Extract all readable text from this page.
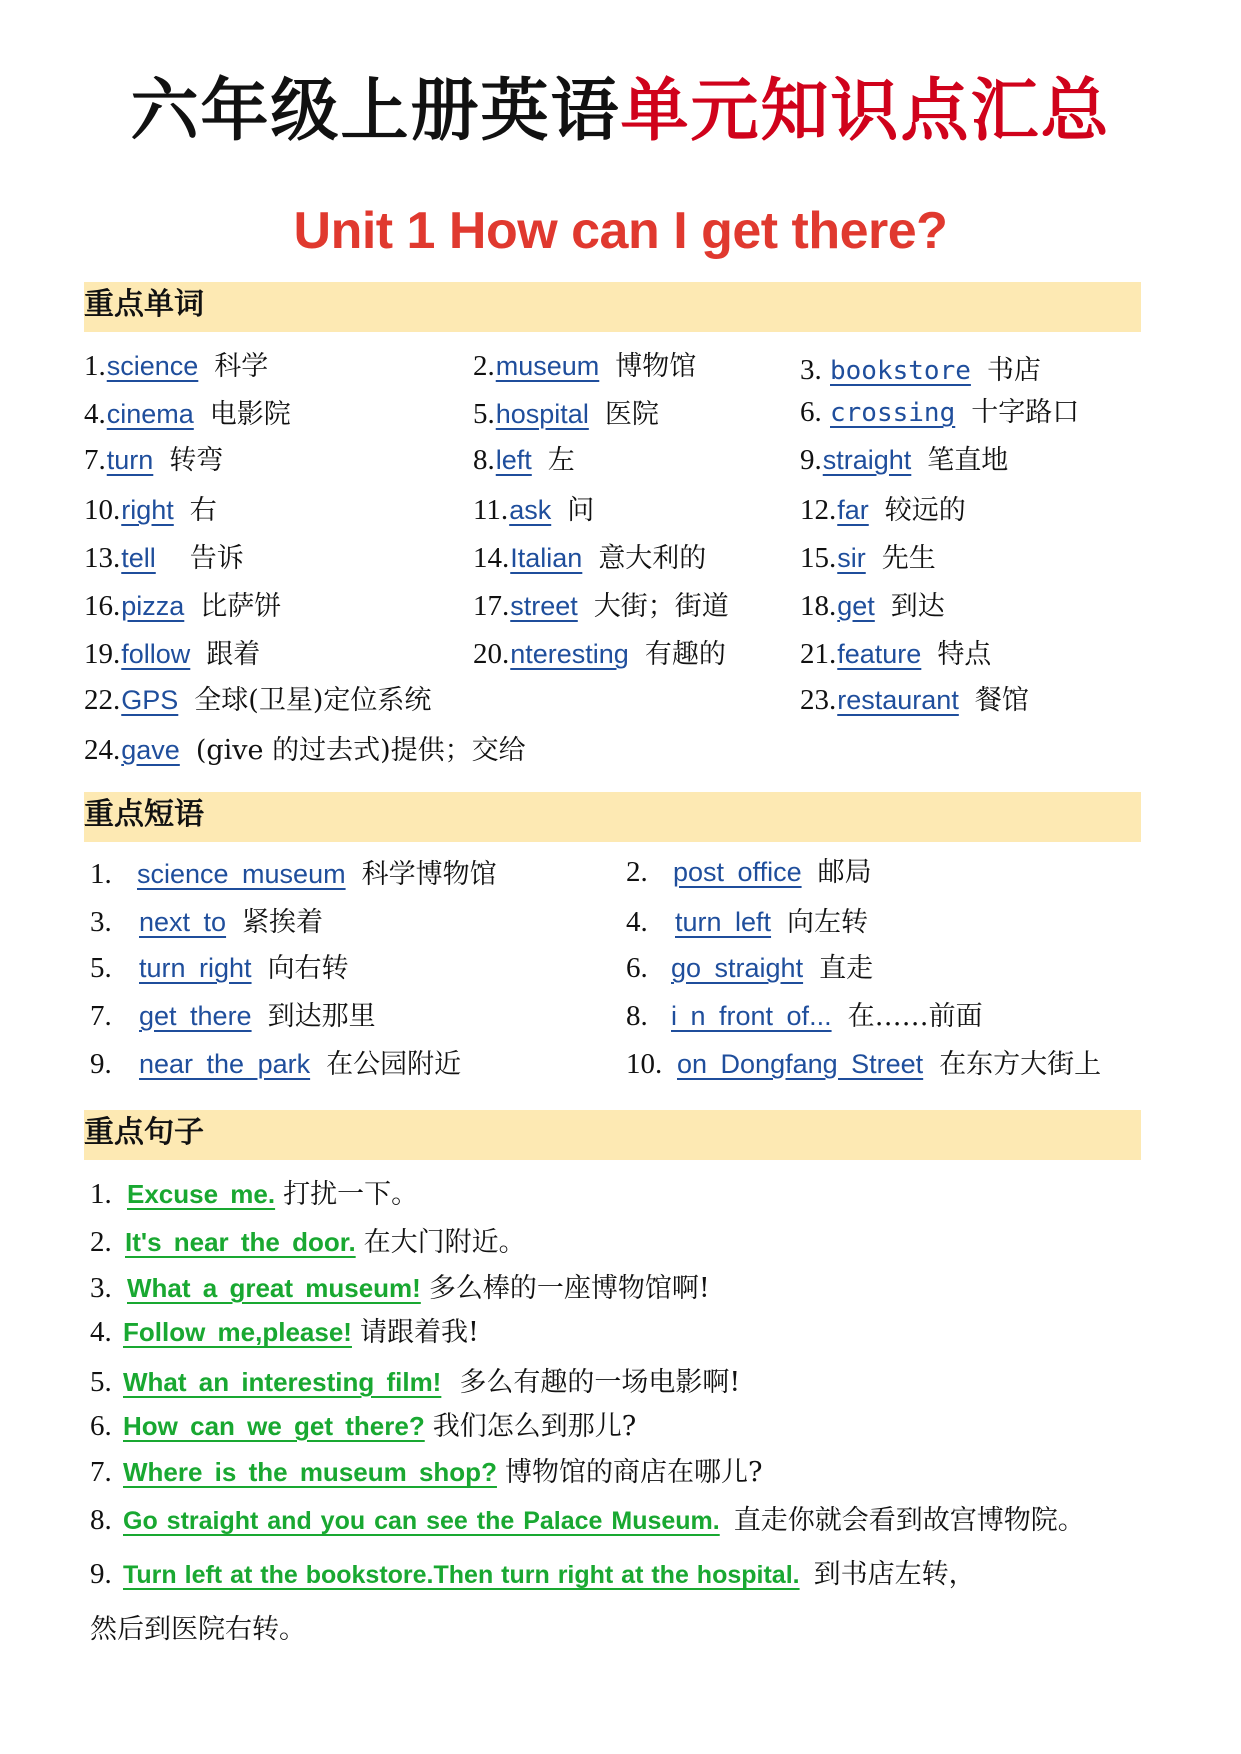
六年级上册英语单元知识点汇总
Unit 1 How can I get there?
重点单词
1.science 科学	2.museum 博物馆	3. bookstore 书店
4.cinema 电影院	5.hospital 医院	6. crossing 十字路口
7.turn 转弯	8.left 左	9.straight 笔直地
10.right 右	11.ask 问	12.far 较远的
13.tell 告诉	14.Italian 意大利的	15.sir 先生
16.pizza 比萨饼	17.street 大街；街道 18.get 到达
19.follow 跟着	20.nteresting 有趣的	21.feature 特点
22.GPS 全球(卫星)定位系统	23.restaurant 餐馆
24.gave (give 的过去式)提供；交给
重点短语
1. science museum 科学博物馆	2. post office 邮局
3. next to 紧挨着	4. turn left 向左转
5. turn right 向右转	6. go straight 直走
7. get there 到达那里	8. i n front of... 在……前面
9. near the park 在公园附近	10. on Dongfang Street 在东方大街上
重点句子
1. Excuse me. 打扰一下。
2. It's near the door. 在大门附近。
3. What a great museum! 多么棒的一座博物馆啊!
4. Follow me,please! 请跟着我!
5. What an interesting film! 多么有趣的一场电影啊!
6. How can we get there? 我们怎么到那儿?
7. Where is the museum shop? 博物馆的商店在哪儿?
8. Go straight and you can see the Palace Museum. 直走你就会看到故宫博物院。
9. Turn left at the bookstore.Then turn right at the hospital. 到书店左转，
然后到医院右转。
